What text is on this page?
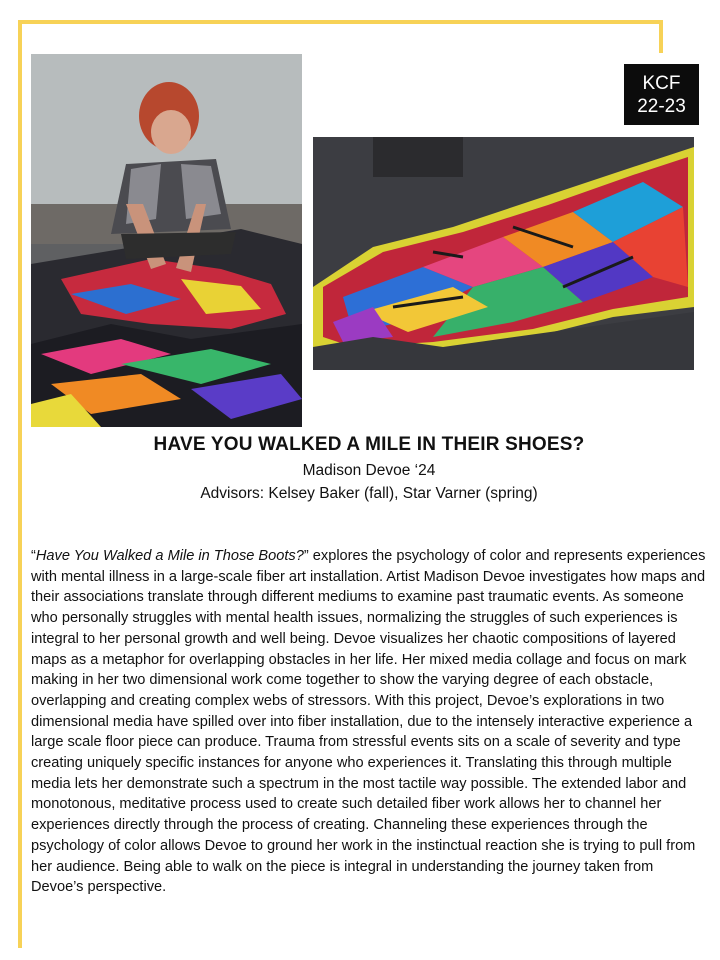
KCF
22-23
HAVE YOU WALKED A MILE IN THEIR SHOES?
Madison Devoe ‘24
Advisors: Kelsey Baker (fall), Star Varner (spring)
“Have You Walked a Mile in Those Boots?” explores the psychology of color and represents experiences with mental illness in a large-scale fiber art installation. Artist Madison Devoe investigates how maps and their associations translate through different mediums to examine past traumatic events. As someone who personally struggles with mental health issues, normalizing the struggles of such experiences is integral to her personal growth and well being. Devoe visualizes her chaotic compositions of layered maps as a metaphor for overlapping obstacles in her life. Her mixed media collage and focus on mark making in her two dimensional work come together to show the varying degree of each obstacle, overlapping and creating complex webs of stressors. With this project, Devoe’s explorations in two dimensional media have spilled over into fiber installation, due to the intensely interactive experience a large scale floor piece can produce. Trauma from stressful events sits on a scale of severity and type creating uniquely specific instances for anyone who experiences it. Translating this through multiple media lets her demonstrate such a spectrum in the most tactile way possible. The extended labor and monotonous, meditative process used to create such detailed fiber work allows her to channel her experiences directly through the process of creating. Channeling these experiences through the psychology of color allows Devoe to ground her work in the instinctual reaction she is trying to pull from her audience. Being able to walk on the piece is integral in understanding the journey taken from Devoe’s perspective.
